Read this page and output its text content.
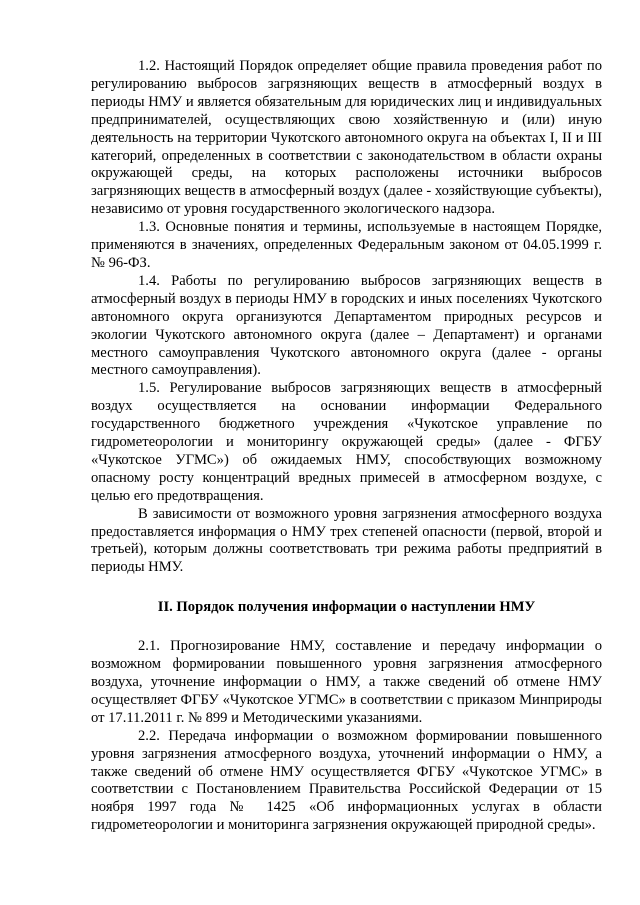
1.2. Настоящий Порядок определяет общие правила проведения работ по регулированию выбросов загрязняющих веществ в атмосферный воздух в периоды НМУ и является обязательным для юридических лиц и индивидуальных предпринимателей, осуществляющих свою хозяйственную и (или) иную деятельность на территории Чукотского автономного округа на объектах I, II и III категорий, определенных в соответствии с законодательством в области охраны окружающей среды, на которых расположены источники выбросов загрязняющих веществ в атмосферный воздух (далее - хозяйствующие субъекты), независимо от уровня государственного экологического надзора.

1.3. Основные понятия и термины, используемые в настоящем Порядке, применяются в значениях, определенных Федеральным законом от 04.05.1999 г. № 96-ФЗ.

1.4. Работы по регулированию выбросов загрязняющих веществ в атмосферный воздух в периоды НМУ в городских и иных поселениях Чукотского автономного округа организуются Департаментом природных ресурсов и экологии Чукотского автономного округа (далее – Департамент) и органами местного самоуправления Чукотского автономного округа (далее - органы местного самоуправления).

1.5. Регулирование выбросов загрязняющих веществ в атмосферный воздух осуществляется на основании информации Федерального государственного бюджетного учреждения «Чукотское управление по гидрометеорологии и мониторингу окружающей среды» (далее - ФГБУ «Чукотское УГМС») об ожидаемых НМУ, способствующих возможному опасному росту концентраций вредных примесей в атмосферном воздухе, с целью его предотвращения.

В зависимости от возможного уровня загрязнения атмосферного воздуха предоставляется информация о НМУ трех степеней опасности (первой, второй и третьей), которым должны соответствовать три режима работы предприятий в периоды НМУ.

II. Порядок получения информации о наступлении НМУ

2.1. Прогнозирование НМУ, составление и передачу информации о возможном формировании повышенного уровня загрязнения атмосферного воздуха, уточнение информации о НМУ, а также сведений об отмене НМУ осуществляет ФГБУ «Чукотское УГМС» в соответствии с приказом Минприроды от 17.11.2011 г. № 899 и Методическими указаниями.

2.2. Передача информации о возможном формировании повышенного уровня загрязнения атмосферного воздуха, уточнений информации о НМУ, а также сведений об отмене НМУ осуществляется ФГБУ «Чукотское УГМС» в соответствии с Постановлением Правительства Российской Федерации от 15 ноября 1997 года № 1425 «Об информационных услугах в области гидрометеорологии и мониторинга загрязнения окружающей природной среды».
